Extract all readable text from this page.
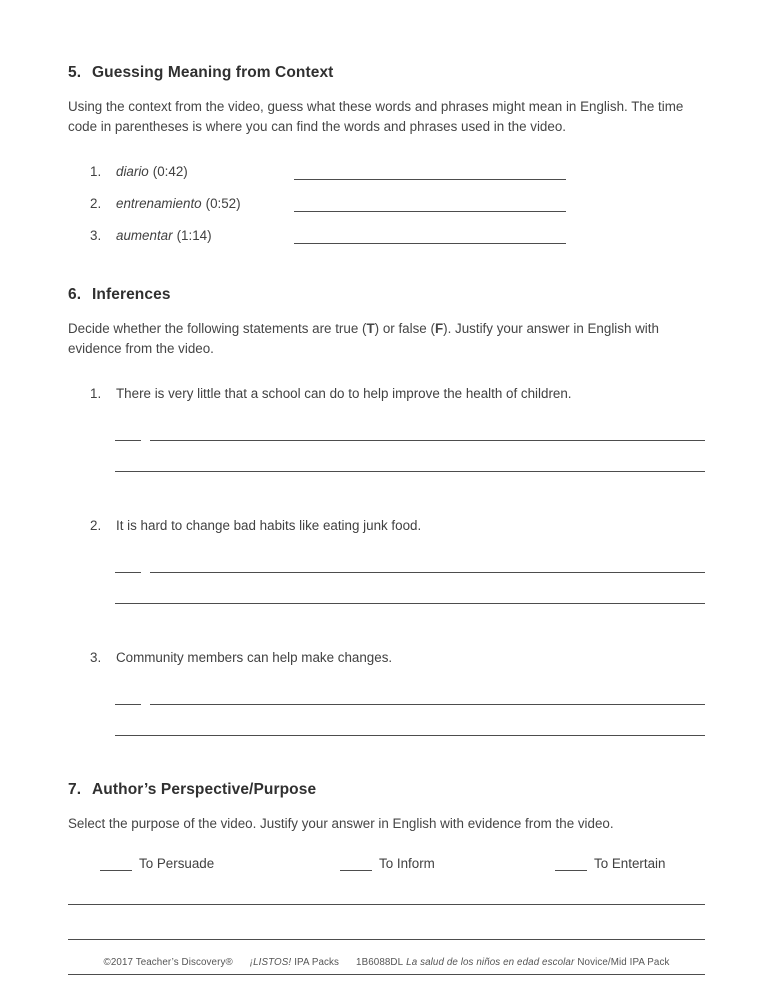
5. Guessing Meaning from Context

Using the context from the video, guess what these words and phrases might mean in English. The time code in parentheses is where you can find the words and phrases used in the video.

1.	diario (0:42)
2.	entrenamiento (0:52)
3.	aumentar (1:14)
6. Inferences

Decide whether the following statements are true (T) or false (F). Justify your answer in English with evidence from the video.

1.	There is very little that a school can do to help improve the health of children.
2.	It is hard to change bad habits like eating junk food.
3.	Community members can help make changes.
7. Author’s Perspective/Purpose

Select the purpose of the video. Justify your answer in English with evidence from the video.

To Persuade	To Inform	To Entertain
©2017 Teacher’s Discovery® ¡LISTOS! IPA Packs 1B6088DL La salud de los niños en edad escolar Novice/Mid IPA Pack
